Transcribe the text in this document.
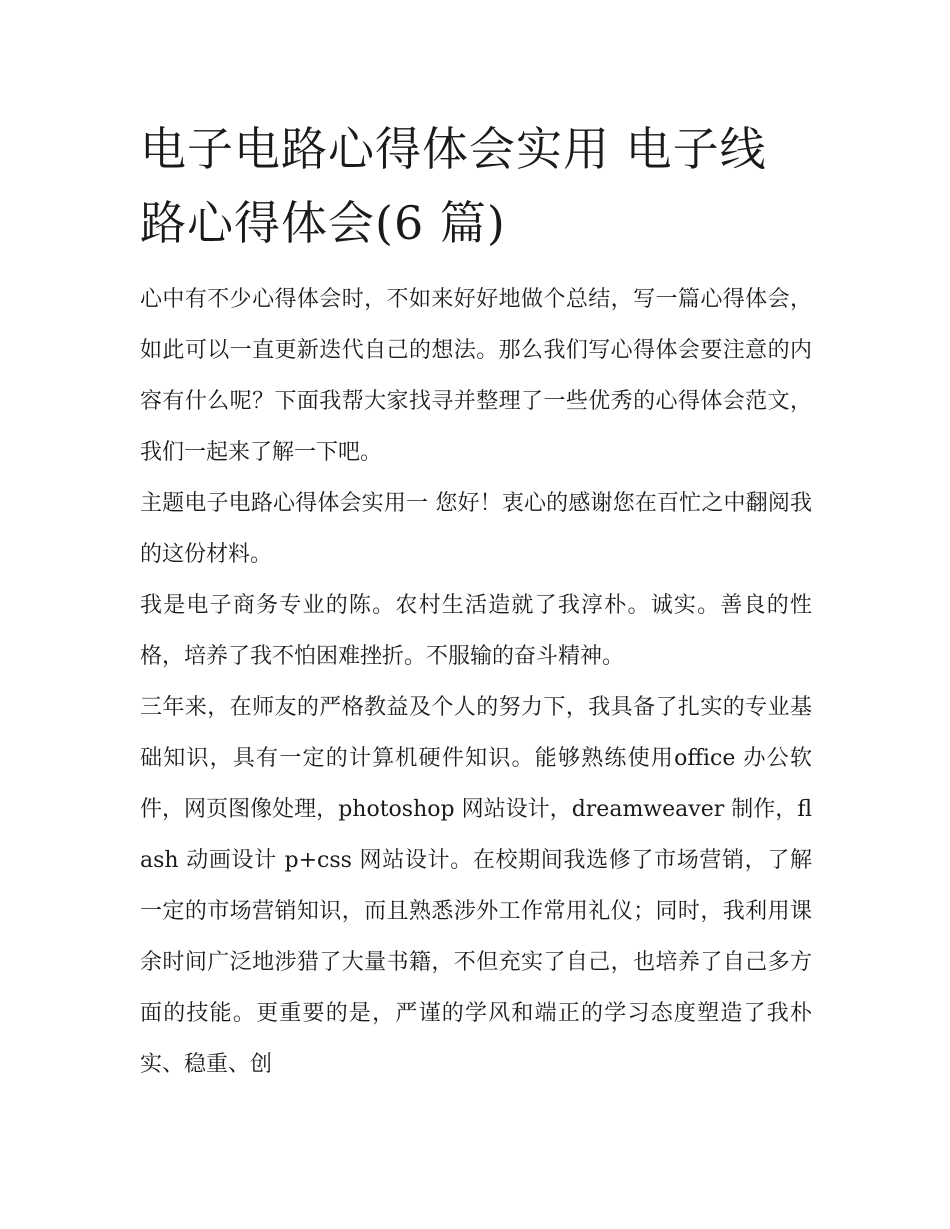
电子电路心得体会实用 电子线路心得体会(6 篇)

心中有不少心得体会时，不如来好好地做个总结，写一篇心得体会，如此可以一直更新迭代自己的想法。那么我们写心得体会要注意的内容有什么呢？下面我帮大家找寻并整理了一些优秀的心得体会范文，我们一起来了解一下吧。

主题电子电路心得体会实用一 您好！衷心的感谢您在百忙之中翻阅我的这份材料。

我是电子商务专业的陈。农村生活造就了我淳朴。诚实。善良的性格，培养了我不怕困难挫折。不服输的奋斗精神。

三年来，在师友的严格教益及个人的努力下，我具备了扎实的专业基础知识，具有一定的计算机硬件知识。能够熟练使用office 办公软件，网页图像处理，photoshop 网站设计，dreamweaver 制作，flash 动画设计 p+css 网站设计。在校期间我选修了市场营销，了解一定的市场营销知识，而且熟悉涉外工作常用礼仪；同时，我利用课余时间广泛地涉猎了大量书籍，不但充实了自己，也培养了自己多方面的技能。更重要的是，严谨的学风和端正的学习态度塑造了我朴实、稳重、创
